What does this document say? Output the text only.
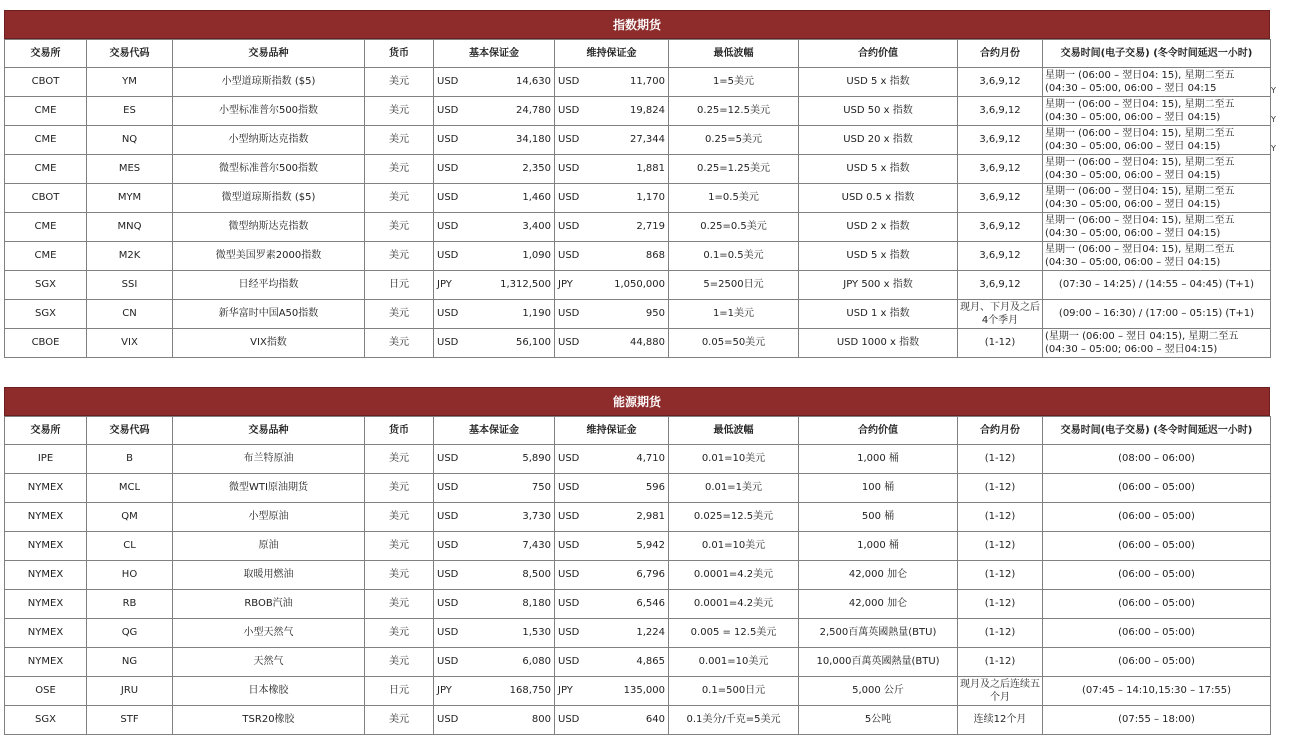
指数期货
交易所	交易代码	交易品种	货币	基本保证金		维持保证金		最低波幅	合约价值	合约月份	交易时间(电子交易) (冬令时间延迟一小时)
CBOT	YM	小型道琼斯指数 ($5)	美元	USD	14,630	USD	11,700	1=5美元	USD 5 x 指数	3,6,9,12	星期一 (06:00 – 翌日04: 15), 星期二至五 (04:30 – 05:00, 06:00 – 翌日 04:15
CME	ES	小型标准普尔500指数	美元	USD	24,780	USD	19,824	0.25=12.5美元	USD 50 x 指数	3,6,9,12	星期一 (06:00 – 翌日04: 15), 星期二至五 (04:30 – 05:00, 06:00 – 翌日 04:15)
CME	NQ	小型纳斯达克指数	美元	USD	34,180	USD	27,344	0.25=5美元	USD 20 x 指数	3,6,9,12	星期一 (06:00 – 翌日04: 15), 星期二至五 (04:30 – 05:00, 06:00 – 翌日 04:15)
CME	MES	微型标准普尔500指数	美元	USD	2,350	USD	1,881	0.25=1.25美元	USD 5 x 指数	3,6,9,12	星期一 (06:00 – 翌日04: 15), 星期二至五 (04:30 – 05:00, 06:00 – 翌日 04:15)
CBOT	MYM	微型道琼斯指数 ($5)	美元	USD	1,460	USD	1,170	1=0.5美元	USD 0.5 x 指数	3,6,9,12	星期一 (06:00 – 翌日04: 15), 星期二至五 (04:30 – 05:00, 06:00 – 翌日 04:15)
CME	MNQ	微型纳斯达克指数	美元	USD	3,400	USD	2,719	0.25=0.5美元	USD 2 x 指数	3,6,9,12	星期一 (06:00 – 翌日04: 15), 星期二至五 (04:30 – 05:00, 06:00 – 翌日 04:15)
CME	M2K	微型美国罗素2000指数	美元	USD	1,090	USD	868	0.1=0.5美元	USD 5 x 指数	3,6,9,12	星期一 (06:00 – 翌日04: 15), 星期二至五 (04:30 – 05:00, 06:00 – 翌日 04:15)
SGX	SSI	日经平均指数	日元	JPY	1,312,500	JPY	1,050,000	5=2500日元	JPY 500 x 指数	3,6,9,12	(07:30 – 14:25) / (14:55 – 04:45) (T+1)
SGX	CN	新华富时中国A50指数	美元	USD	1,190	USD	950	1=1美元	USD 1 x 指数	现月、下月及之后4个季月	(09:00 – 16:30) / (17:00 – 05:15) (T+1)
CBOE	VIX	VIX指数	美元	USD	56,100	USD	44,880	0.05=50美元	USD 1000 x 指数	(1-12)	(星期一 (06:00 – 翌日 04:15), 星期二至五 (04:30 – 05:00; 06:00 – 翌日04:15)
Y
Y
Y
能源期货
交易所	交易代码	交易品种	货币	基本保证金		维持保证金		最低波幅	合约价值	合约月份	交易时间(电子交易) (冬令时间延迟一小时)
IPE	B	布兰特原油	美元	USD	5,890	USD	4,710	0.01=10美元	1,000 桶	(1-12)	(08:00 – 06:00)
NYMEX	MCL	微型WTI原油期货	美元	USD	750	USD	596	0.01=1美元	100 桶	(1-12)	(06:00 – 05:00)
NYMEX	QM	小型原油	美元	USD	3,730	USD	2,981	0.025=12.5美元	500 桶	(1-12)	(06:00 – 05:00)
NYMEX	CL	原油	美元	USD	7,430	USD	5,942	0.01=10美元	1,000 桶	(1-12)	(06:00 – 05:00)
NYMEX	HO	取暖用燃油	美元	USD	8,500	USD	6,796	0.0001=4.2美元	42,000 加仑	(1-12)	(06:00 – 05:00)
NYMEX	RB	RBOB汽油	美元	USD	8,180	USD	6,546	0.0001=4.2美元	42,000 加仑	(1-12)	(06:00 – 05:00)
NYMEX	QG	小型天然气	美元	USD	1,530	USD	1,224	0.005 = 12.5美元	2,500百萬英國熱量(BTU)	(1-12)	(06:00 – 05:00)
NYMEX	NG	天然气	美元	USD	6,080	USD	4,865	0.001=10美元	10,000百萬英國熱量(BTU)	(1-12)	(06:00 – 05:00)
OSE	JRU	日本橡胶	日元	JPY	168,750	JPY	135,000	0.1=500日元	5,000 公斤	现月及之后连续五个月	(07:45 – 14:10,15:30 – 17:55)
SGX	STF	TSR20橡胶	美元	USD	800	USD	640	0.1美分/千克=5美元	5公吨	连续12个月	(07:55 – 18:00)
